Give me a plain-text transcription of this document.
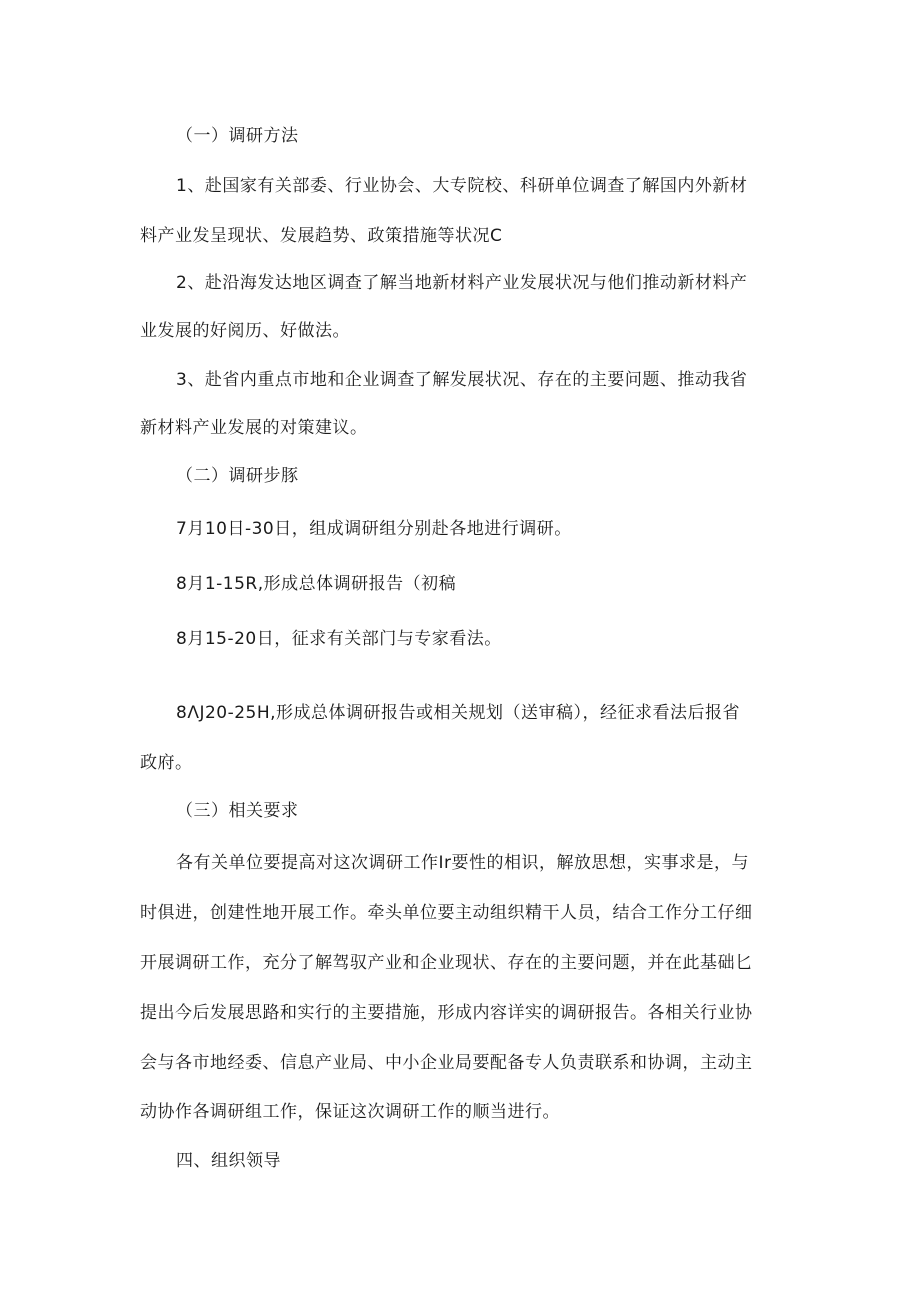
（一）调研方法
1、赴国家有关部委、行业协会、大专院校、科研单位调查了解国内外新材
料产业发呈现状、发展趋势、政策措施等状况C
2、赴沿海发达地区调查了解当地新材料产业发展状况与他们推动新材料产
业发展的好阅历、好做法。
3、赴省内重点市地和企业调查了解发展状况、存在的主要问题、推动我省
新材料产业发展的对策建议。
（二）调研步豚
7月10日-30日，组成调研组分别赴各地进行调研。
8月1-15R,形成总体调研报告（初稿
8月15-20日，征求有关部门与专家看法。
8ΛJ20-25H,形成总体调研报告或相关规划（送审稿），经征求看法后报省
政府。
（三）相关要求
各有关单位要提高对这次调研工作Ir要性的相识，解放思想，实事求是，与
时俱进，创建性地开展工作。牵头单位要主动组织精干人员，结合工作分工仔细
开展调研工作，充分了解驾驭产业和企业现状、存在的主要问题，并在此基础匕
提出今后发展思路和实行的主要措施，形成内容详实的调研报告。各相关行业协
会与各市地经委、信息产业局、中小企业局要配备专人负责联系和协调，主动主
动协作各调研组工作，保证这次调研工作的顺当进行。
四、组织领导
